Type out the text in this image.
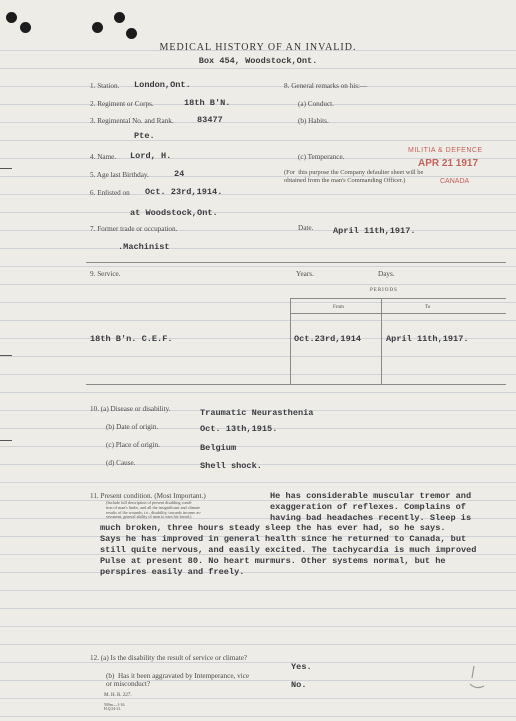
MEDICAL HISTORY OF AN INVALID.
Box 454, Woodstock,Ont.
1. Station. London,Ont.
2. Regiment or Corps.	18th B'N.
3. Regimental No. and Rank.	83477
Pte.
4. Name. Lord, H.
5. Age last Birthday.	24
6. Enlisted on Oct. 23rd,1914.
at Woodstock,Ont.
7. Former trade or occupation.
.Machinist
8. General remarks on his:—
(a) Conduct.
(b) Habits.
(c) Temperance.
(For  this purpose the Company defaulter sheet will be
obtained from the man's Commanding Officer.)
Date. April 11th,1917.
MILITIA & DEFENCE
APR 21 1917
CANADA
9. Service.	Years.	Days.
PERIODS
From	To
18th B'n. C.E.F.	Oct.23rd,1914	April 11th,1917.
10. (a) Disease or disability.	Traumatic Neurasthenia
(b) Date of origin.	Oct. 13th,1915.
(c) Place of origin.	Belgium
(d) Cause.	Shell shock.
11. Present condition. (Most Important.)
(Include full description of present disabling condi-
tion of man's limbs, and all the insignificant and climate
results of the wounds; i.e., disability, towards income as-
sessment, general ability of man to earn his bread.)
He has considerable muscular tremor and
exaggeration of reflexes. Complains of
having bad headaches recently. Sleep is
much broken, three hours steady sleep the has ever had, so he says.
Says he has improved in general health since he returned to Canada, but
still quite nervous, and easily excited. The tachycardia is much improved
Pulse at present 80. No heart murmurs. Other systems normal, but he
perspires easily and freely.
12. (a) Is the disability the result of service or climate?
Yes.
(b)  Has it been aggravated by Intemperance, vice
or misconduct?	No.
M. H. R. 227.
500m.—1-16.
H.Q.54-21.
